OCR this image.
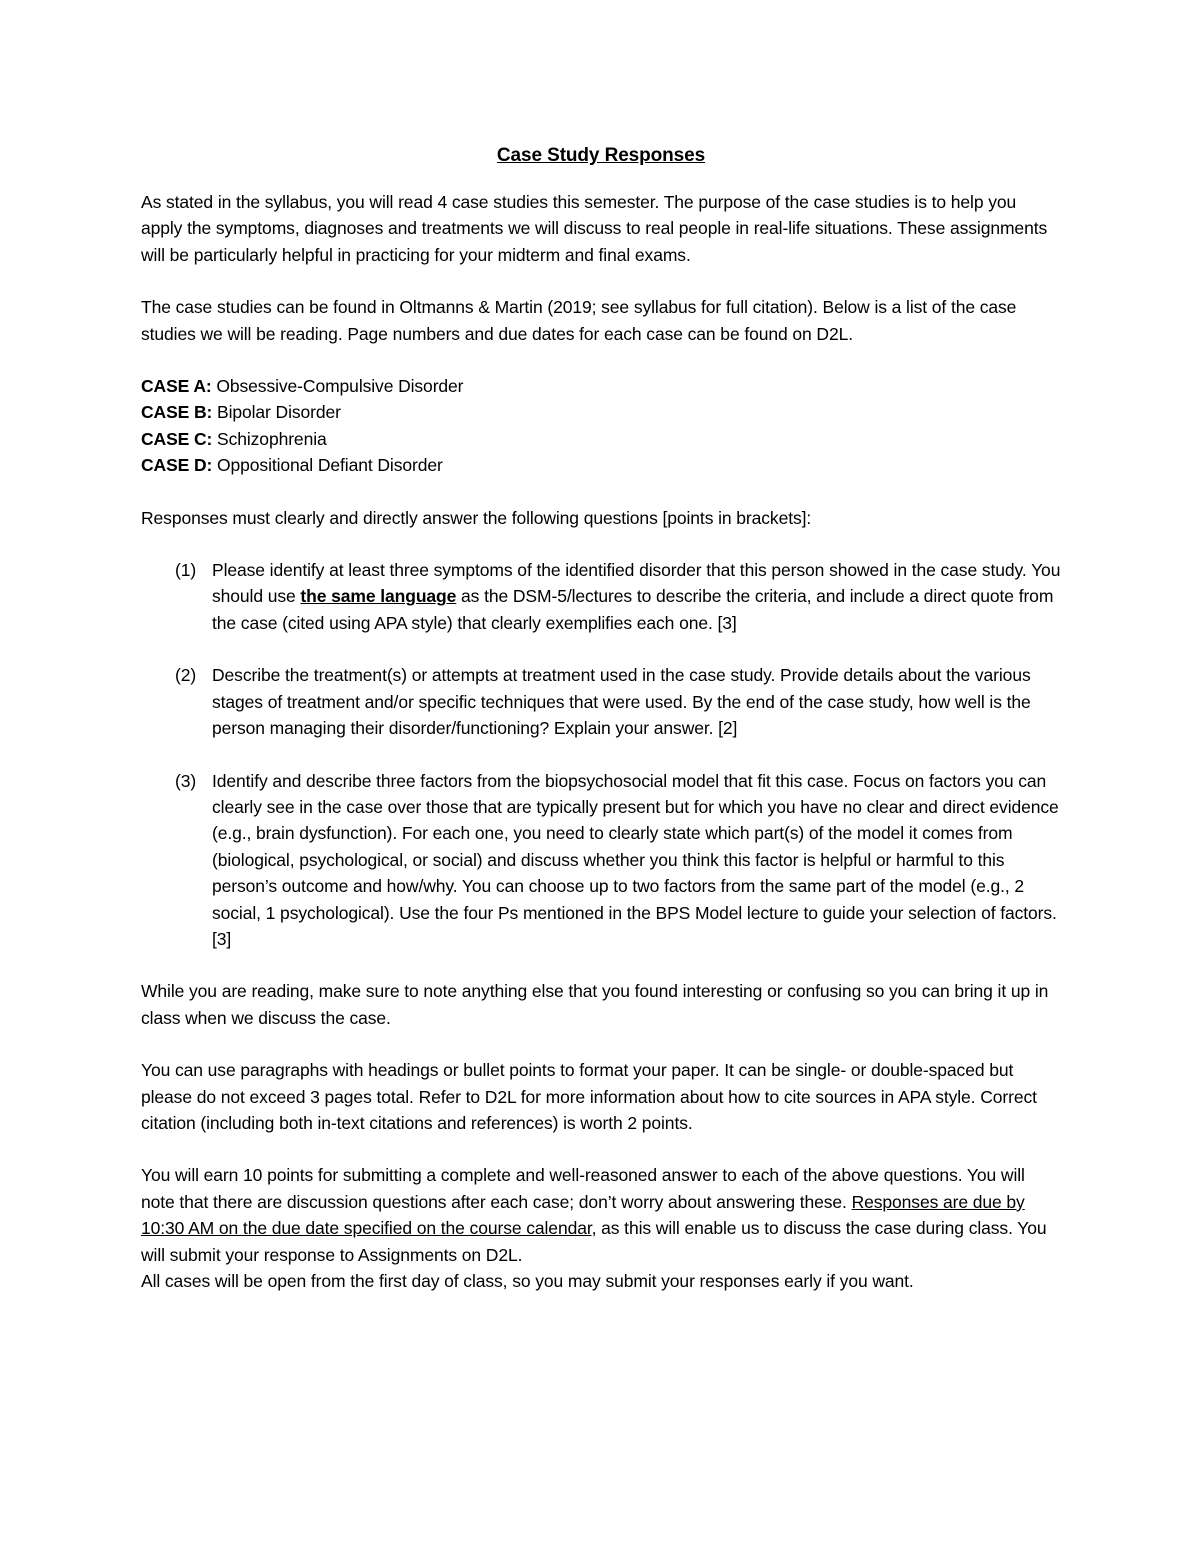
Case Study Responses

As stated in the syllabus, you will read 4 case studies this semester. The purpose of the case studies is to help you apply the symptoms, diagnoses and treatments we will discuss to real people in real-life situations. These assignments will be particularly helpful in practicing for your midterm and final exams.

The case studies can be found in Oltmanns & Martin (2019; see syllabus for full citation). Below is a list of the case studies we will be reading. Page numbers and due dates for each case can be found on D2L.

CASE A: Obsessive-Compulsive Disorder
CASE B: Bipolar Disorder
CASE C: Schizophrenia
CASE D: Oppositional Defiant Disorder

Responses must clearly and directly answer the following questions [points in brackets]:

(1) Please identify at least three symptoms of the identified disorder that this person showed in the case study. You should use the same language as the DSM-5/lectures to describe the criteria, and include a direct quote from the case (cited using APA style) that clearly exemplifies each one. [3]
(2) Describe the treatment(s) or attempts at treatment used in the case study. Provide details about the various stages of treatment and/or specific techniques that were used. By the end of the case study, how well is the person managing their disorder/functioning? Explain your answer. [2]
(3) Identify and describe three factors from the biopsychosocial model that fit this case. Focus on factors you can clearly see in the case over those that are typically present but for which you have no clear and direct evidence (e.g., brain dysfunction). For each one, you need to clearly state which part(s) of the model it comes from (biological, psychological, or social) and discuss whether you think this factor is helpful or harmful to this person’s outcome and how/why. You can choose up to two factors from the same part of the model (e.g., 2 social, 1 psychological). Use the four Ps mentioned in the BPS Model lecture to guide your selection of factors. [3]

While you are reading, make sure to note anything else that you found interesting or confusing so you can bring it up in class when we discuss the case.

You can use paragraphs with headings or bullet points to format your paper. It can be single- or double-spaced but please do not exceed 3 pages total. Refer to D2L for more information about how to cite sources in APA style. Correct citation (including both in-text citations and references) is worth 2 points.

You will earn 10 points for submitting a complete and well-reasoned answer to each of the above questions. You will note that there are discussion questions after each case; don’t worry about answering these. Responses are due by 10:30 AM on the due date specified on the course calendar, as this will enable us to discuss the case during class. You will submit your response to Assignments on D2L.

All cases will be open from the first day of class, so you may submit your responses early if you want.
